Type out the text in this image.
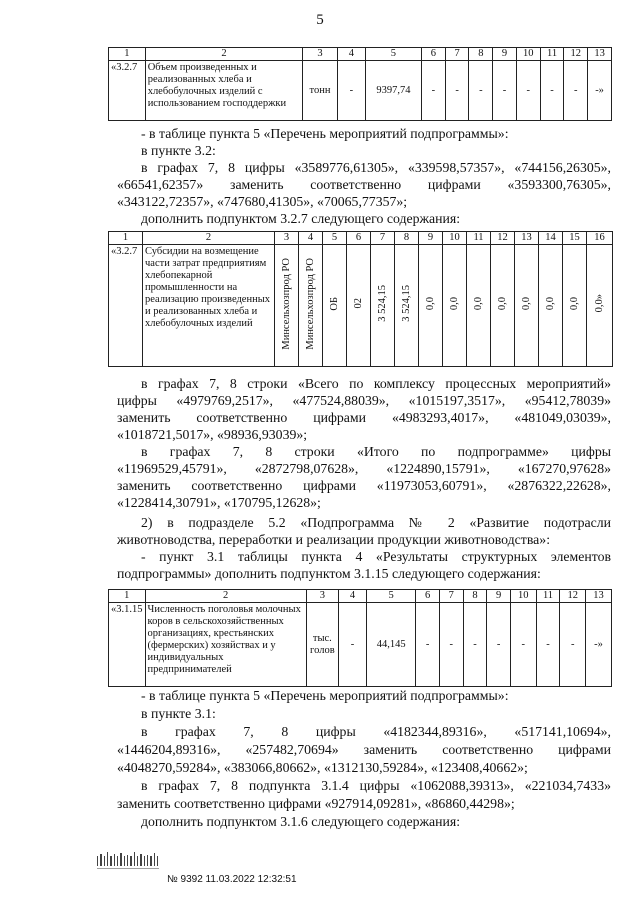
5
1	2	3	4	5	6	7	8	9	10	11	12	13
«3.2.7	Объем произведенных и реализованных хлеба и хлебобулочных изделий с использованием господдержки	тонн	-	9397,74	-	-	-	-	-	-	-	-»

- в таблице пункта 5 «Перечень мероприятий подпрограммы»:

в пункте 3.2:

в графах 7, 8 цифры «3589776,61305», «339598,57357», «744156,26305»,

«66541,62357» заменить соответственно цифрами «3593300,76305»,

«343122,72357», «747680,41305», «70065,77357»;

дополнить подпунктом 3.2.7 следующего содержания:

1	2	3	4	5	6	7	8	9	10	11	12	13	14	15	16
«3.2.7	Субсидии на возмещение части затрат предприятиям хлебопекарной промышленности на реализацию произведенных и реализованных хлеба и хлебобулочных изделий	Минсельхозпрод РО	Минсельхозпрод РО	ОБ	02	3 524,15	3 524,15	0,0	0,0	0,0	0,0	0,0	0,0	0,0	0,0»

в графах 7, 8 строки «Всего по комплексу процессных мероприятий»

цифры «4979769,2517», «477524,88039», «1015197,3517», «95412,78039»

заменить соответственно цифрами «4983293,4017», «481049,03039»,

«1018721,5017», «98936,93039»;

в графах 7, 8 строки «Итого по подпрограмме» цифры

«11969529,45791», «2872798,07628», «1224890,15791», «167270,97628»

заменить соответственно цифрами «11973053,60791», «2876322,22628»,

«1228414,30791», «170795,12628»;

2) в подразделе 5.2 «Подпрограмма № 2 «Развитие подотрасли

животноводства, переработки и реализации продукции животноводства»:

- пункт 3.1 таблицы пункта 4 «Результаты структурных элементов

подпрограммы» дополнить подпунктом 3.1.15 следующего содержания:

1	2	3	4	5	6	7	8	9	10	11	12	13
«3.1.15	Численность поголовья молочных коров в сельскохозяйственных организациях, крестьянских (фермерских) хозяйствах и у индивидуальных предпринимателей	тыс. голов	-	44,145	-	-	-	-	-	-	-	-»

- в таблице пункта 5 «Перечень мероприятий подпрограммы»:

в пункте 3.1:

в графах 7, 8 цифры «4182344,89316», «517141,10694»,

«1446204,89316», «257482,70694» заменить соответственно цифрами

«4048270,59284», «383066,80662», «1312130,59284», «123408,40662»;

в графах 7, 8 подпункта 3.1.4 цифры «1062088,39313», «221034,7433»

заменить соответственно цифрами «927914,09281», «86860,44298»;

дополнить подпунктом 3.1.6 следующего содержания:

№ 9392 11.03.2022 12:32:51
